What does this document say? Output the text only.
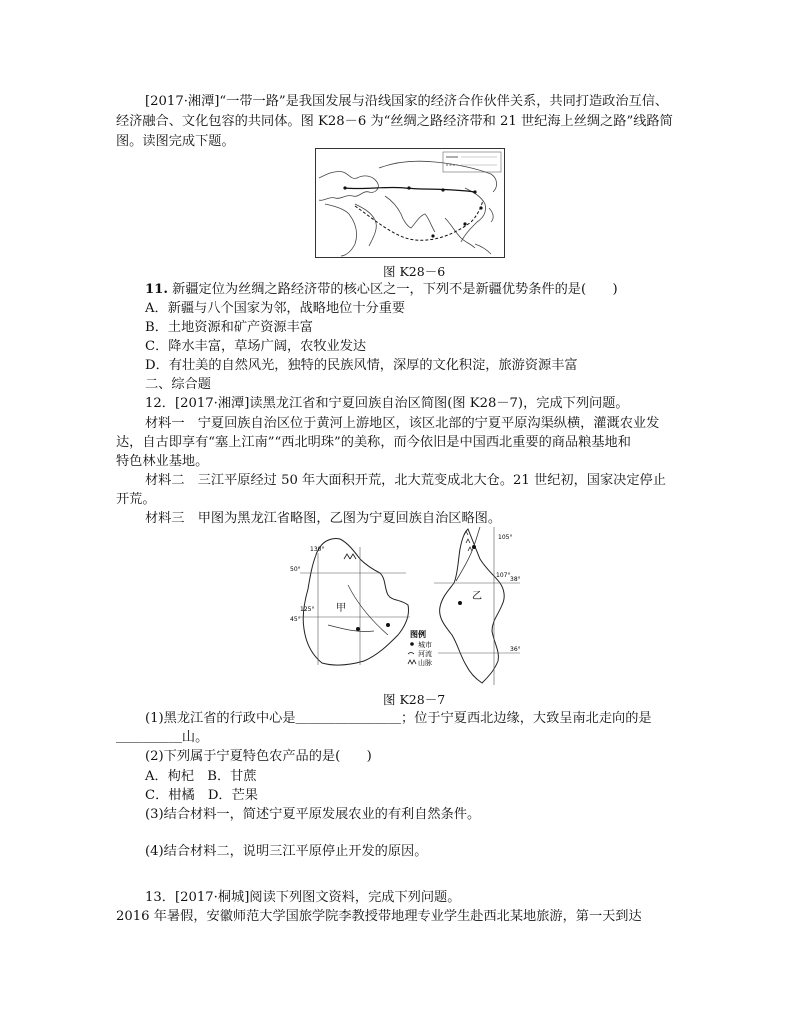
[2017·湘潭]“一带一路”是我国发展与沿线国家的经济合作伙伴关系，共同打造政治互信、
经济融合、文化包容的共同体。图 K28－6 为“丝绸之路经济带和 21 世纪海上丝绸之路”线路简
图。读图完成下题。
图 K28－6
11. 新疆定位为丝绸之路经济带的核心区之一，下列不是新疆优势条件的是(　　)
A．新疆与八个国家为邻，战略地位十分重要
B．土地资源和矿产资源丰富
C．降水丰富，草场广阔，农牧业发达
D．有壮美的自然风光，独特的民族风情，深厚的文化积淀，旅游资源丰富
二、综合题
12．[2017·湘潭]读黑龙江省和宁夏回族自治区简图(图 K28－7)，完成下列问题。
材料一　宁夏回族自治区位于黄河上游地区，该区北部的宁夏平原沟渠纵横，灌溉农业发
达，自古即享有“塞上江南”“西北明珠”的美称，而今依旧是中国西北重要的商品粮基地和
特色林业基地。
材料二　三江平原经过 50 年大面积开荒，北大荒变成北大仓。21 世纪初，国家决定停止
开荒。
材料三　甲图为黑龙江省略图，乙图为宁夏回族自治区略图。
130°
125°
50°
45°
甲
105°
107°
38°
36°
乙
图例
城市
河流
山脉
图 K28－7
(1)黑龙江省的行政中心是＿＿＿＿＿＿＿＿；位于宁夏西北边缘，大致呈南北走向的是
＿＿＿＿＿山。
(2)下列属于宁夏特色农产品的是(　　)
A．枸杞　B．甘蔗
C．柑橘　D．芒果
(3)结合材料一，简述宁夏平原发展农业的有利自然条件。
(4)结合材料二，说明三江平原停止开发的原因。
13．[2017·桐城]阅读下列图文资料，完成下列问题。
2016 年暑假，安徽师范大学国旅学院李教授带地理专业学生赴西北某地旅游，第一天到达
